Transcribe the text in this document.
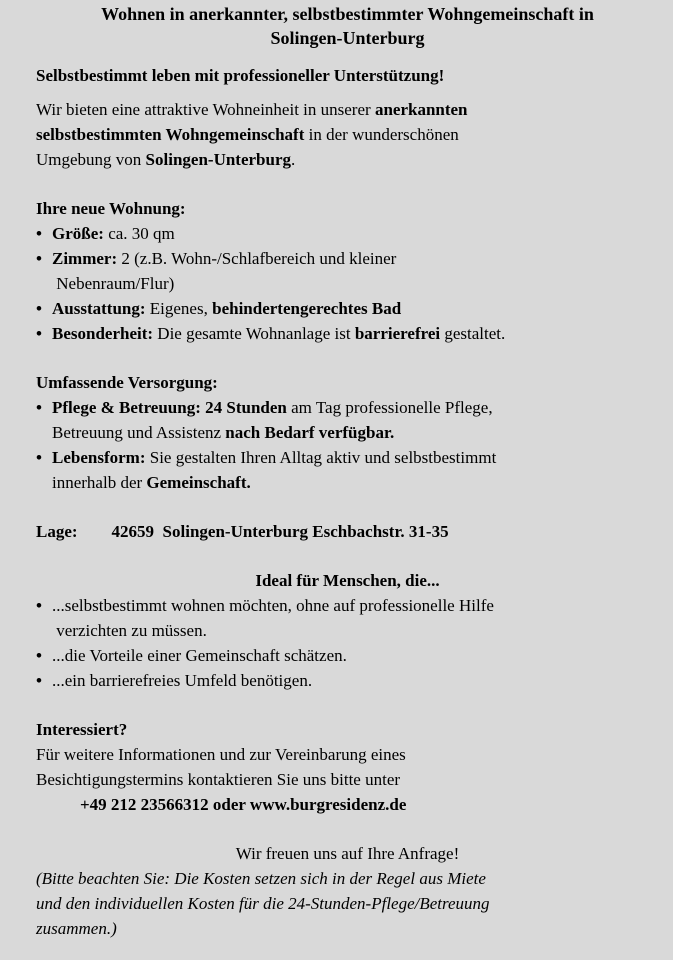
Wohnen in anerkannter, selbstbestimmter Wohngemeinschaft in
Solingen-Unterburg
Selbstbestimmt leben mit professioneller Unterstützung!
Wir bieten eine attraktive Wohneinheit in unserer anerkannten
selbstbestimmten Wohngemeinschaft in der wunderschönen
Umgebung von Solingen-Unterburg.
Ihre neue Wohnung:
• Größe: ca. 30 qm
• Zimmer: 2 (z.B. Wohn-/Schlafbereich und kleiner
Nebenraum/Flur)
• Ausstattung: Eigenes, behindertengerechtes Bad
• Besonderheit: Die gesamte Wohnanlage ist barrierefrei gestaltet.
Umfassende Versorgung:
• Pflege & Betreuung: 24 Stunden am Tag professionelle Pflege,
Betreuung und Assistenz nach Bedarf verfügbar.
• Lebensform: Sie gestalten Ihren Alltag aktiv und selbstbestimmt
innerhalb der Gemeinschaft.
Lage:        42659  Solingen-Unterburg Eschbachstr. 31-35
Ideal für Menschen, die...
• ...selbstbestimmt wohnen möchten, ohne auf professionelle Hilfe
verzichten zu müssen.
• ...die Vorteile einer Gemeinschaft schätzen.
• ...ein barrierefreies Umfeld benötigen.
Interessiert?
Für weitere Informationen und zur Vereinbarung eines
Besichtigungstermins kontaktieren Sie uns bitte unter
+49 212 23566312 oder www.burgresidenz.de
Wir freuen uns auf Ihre Anfrage!
(Bitte beachten Sie: Die Kosten setzen sich in der Regel aus Miete
und den individuellen Kosten für die 24-Stunden-Pflege/Betreuung
zusammen.)
